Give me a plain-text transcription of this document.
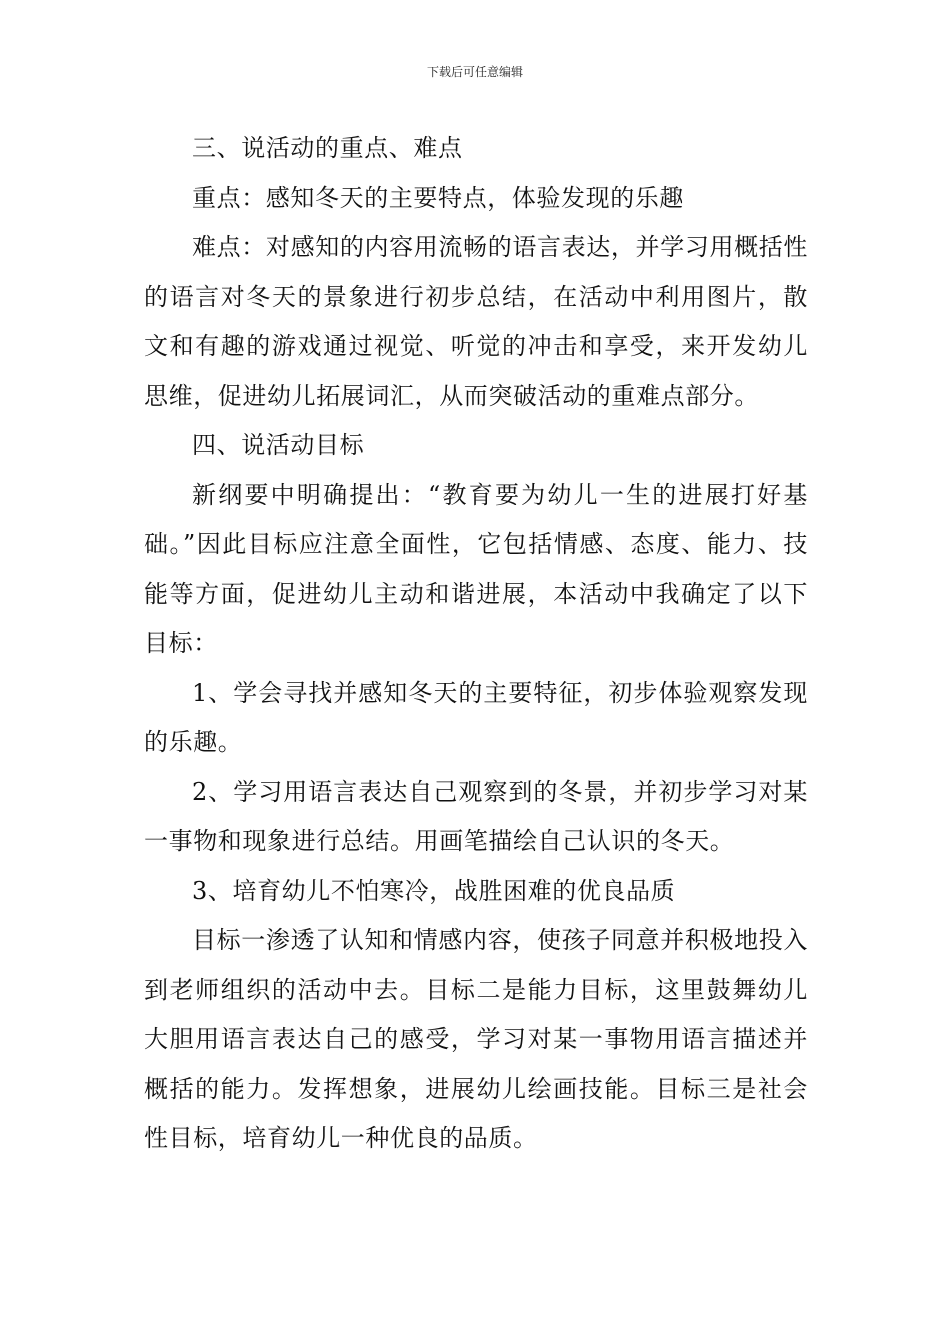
下载后可任意编辑

三、说活动的重点、难点

重点：感知冬天的主要特点，体验发现的乐趣

难点：对感知的内容用流畅的语言表达，并学习用概括性的语言对冬天的景象进行初步总结，在活动中利用图片，散文和有趣的游戏通过视觉、听觉的冲击和享受，来开发幼儿思维，促进幼儿拓展词汇，从而突破活动的重难点部分。

四、说活动目标

新纲要中明确提出：“教育要为幼儿一生的进展打好基础。”因此目标应注意全面性，它包括情感、态度、能力、技能等方面，促进幼儿主动和谐进展，本活动中我确定了以下目标：

1、学会寻找并感知冬天的主要特征，初步体验观察发现的乐趣。

2、学习用语言表达自己观察到的冬景，并初步学习对某一事物和现象进行总结。用画笔描绘自己认识的冬天。

3、培育幼儿不怕寒冷，战胜困难的优良品质

目标一渗透了认知和情感内容，使孩子同意并积极地投入到老师组织的活动中去。目标二是能力目标，这里鼓舞幼儿大胆用语言表达自己的感受，学习对某一事物用语言描述并概括的能力。发挥想象，进展幼儿绘画技能。目标三是社会性目标，培育幼儿一种优良的品质。
